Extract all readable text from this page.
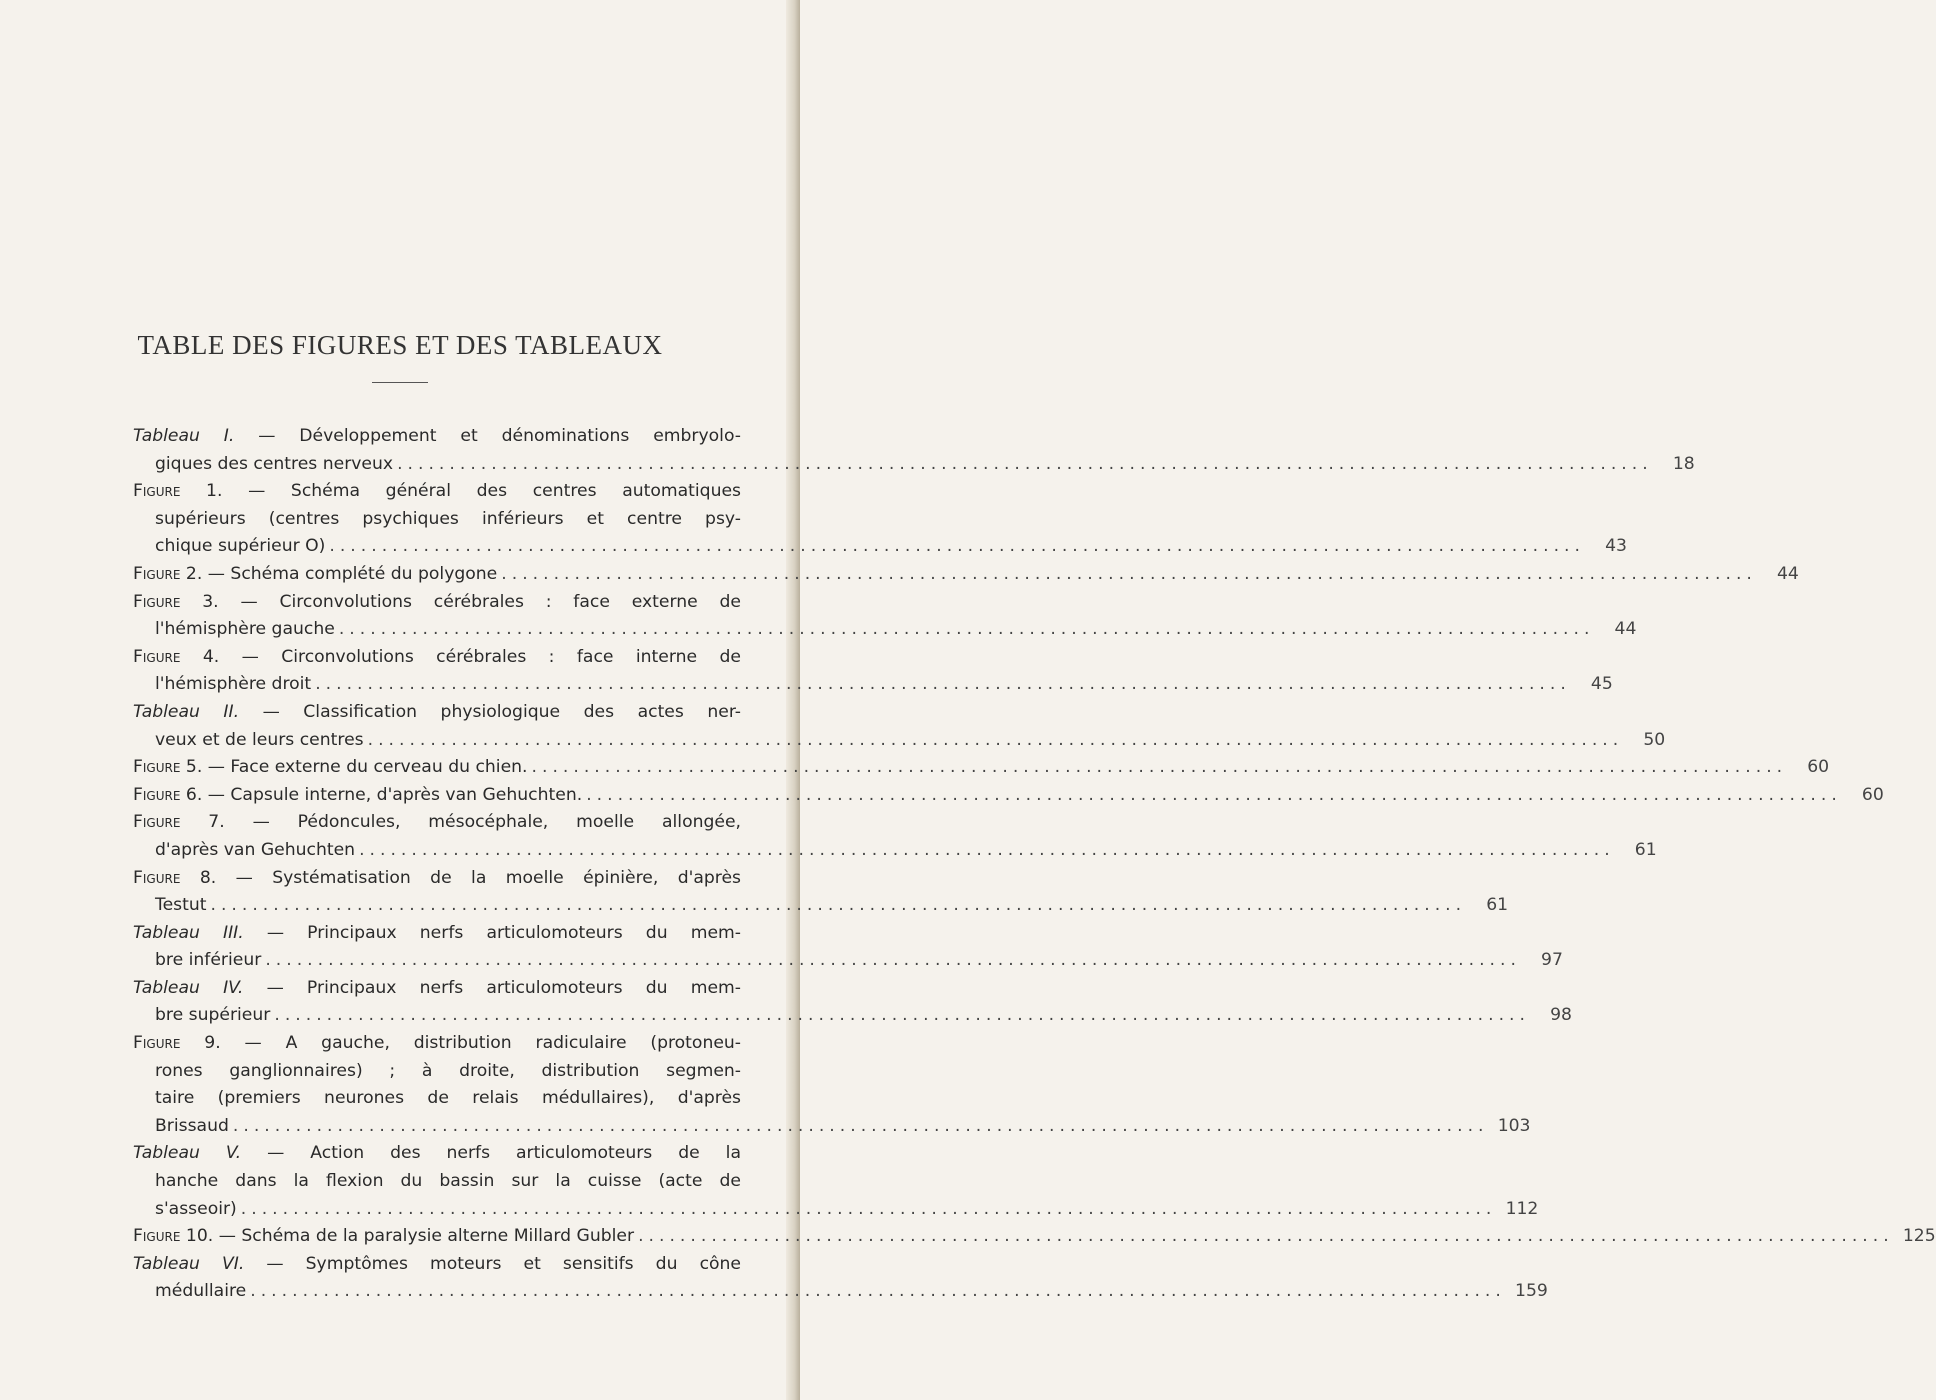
TABLE DES FIGURES ET DES TABLEAUX
Tableau I. — Développement et dénominations embryolo-
giques des centres nerveux ........................................................................................................................	18
Figure 1. — Schéma général des centres automatiques
supérieurs (centres psychiques inférieurs et centre psy-
chique supérieur O) ........................................................................................................................	43
Figure 2. — Schéma complété du polygone ........................................................................................................................	44
Figure 3. — Circonvolutions cérébrales : face externe de
l'hémisphère gauche ........................................................................................................................	44
Figure 4. — Circonvolutions cérébrales : face interne de
l'hémisphère droit ........................................................................................................................	45
Tableau II. — Classification physiologique des actes ner-
veux et de leurs centres ........................................................................................................................	50
Figure 5. — Face externe du cerveau du chien. ........................................................................................................................	60
Figure 6. — Capsule interne, d'après van Gehuchten. ........................................................................................................................	60
Figure 7. — Pédoncules, mésocéphale, moelle allongée,
d'après van Gehuchten ........................................................................................................................	61
Figure 8. — Systématisation de la moelle épinière, d'après
Testut ........................................................................................................................	61
Tableau III. — Principaux nerfs articulomoteurs du mem-
bre inférieur ........................................................................................................................	97
Tableau IV. — Principaux nerfs articulomoteurs du mem-
bre supérieur ........................................................................................................................	98
Figure 9. — A gauche, distribution radiculaire (protoneu-
rones ganglionnaires) ; à droite, distribution segmen-
taire (premiers neurones de relais médullaires), d'après
Brissaud ........................................................................................................................ 103
Tableau V. — Action des nerfs articulomoteurs de la
hanche dans la flexion du bassin sur la cuisse (acte de
s'asseoir) ........................................................................................................................ 112
Figure 10. — Schéma de la paralysie alterne Millard Gubler ........................................................................................................................ 125
Tableau VI. — Symptômes moteurs et sensitifs du cône
médullaire ........................................................................................................................ 159
